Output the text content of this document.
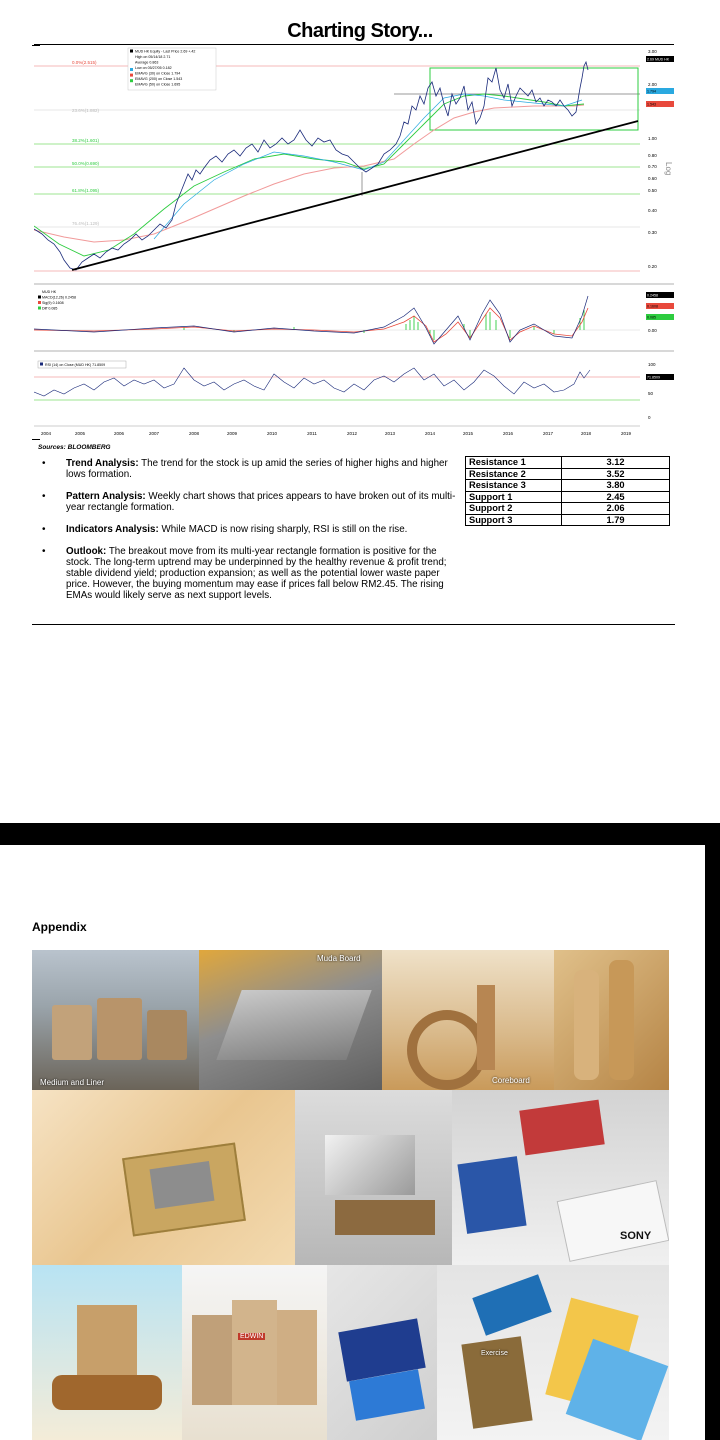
Charting Story...
0.0%(2.515)
23.6%(1.882)
38.2%(1.601)
50.0%(0.690)
61.8%(1.095)
76.4%(1.129)
MUD HK Equity - Last Price 2.69 +.42
High on 05/14/18 2.71
Average 0.863
Low on 05/27/05 0.182
EMAVG (30) on Close 1.794
EMAVG (200) on Close 1.543
EMAVG (50) on Close 1.695
3.00
2.00
1.00
0.80
0.70
0.60
0.50
0.40
0.30
0.20
Log
2.69 MUD HK
1.794
1.543
MUD HK
MACD(12,26) 0.2458
Sig(9) 0.1608
Diff 0.085
0.2458
0.1608
0.085
0.00
RSI (14) on Close (MUD HK) 71.8509	100
71.8509
50
0
2004	2005	2006	2007	2008	2009	2010	2011	2012	2013	2014	2015	2016	2017	2018	2019
Sources: BLOOMBERG
• Trend Analysis: The trend for the stock is up amid the series of higher highs and higher lows formation.
• Pattern Analysis: Weekly chart shows that prices appears to have broken out of its multi-year rectangle formation.
• Indicators Analysis: While MACD is now rising sharply, RSI is still on the rise.
• Outlook: The breakout move from its multi-year rectangle formation is positive for the stock. The long-term uptrend may be underpinned by the healthy revenue & profit trend; stable dividend yield; production expansion; as well as the potential lower waste paper price. However, the buying momentum may ease if prices fall below RM2.45. The rising EMAs would likely serve as next support levels.
Resistance 1	3.12
Resistance 2	3.52
Resistance 3	3.80
Support 1	2.45
Support 2	2.06
Support 3	1.79
Appendix
Medium and Liner
Muda Board
Coreboard
SONY
EDWIN
Exercise
